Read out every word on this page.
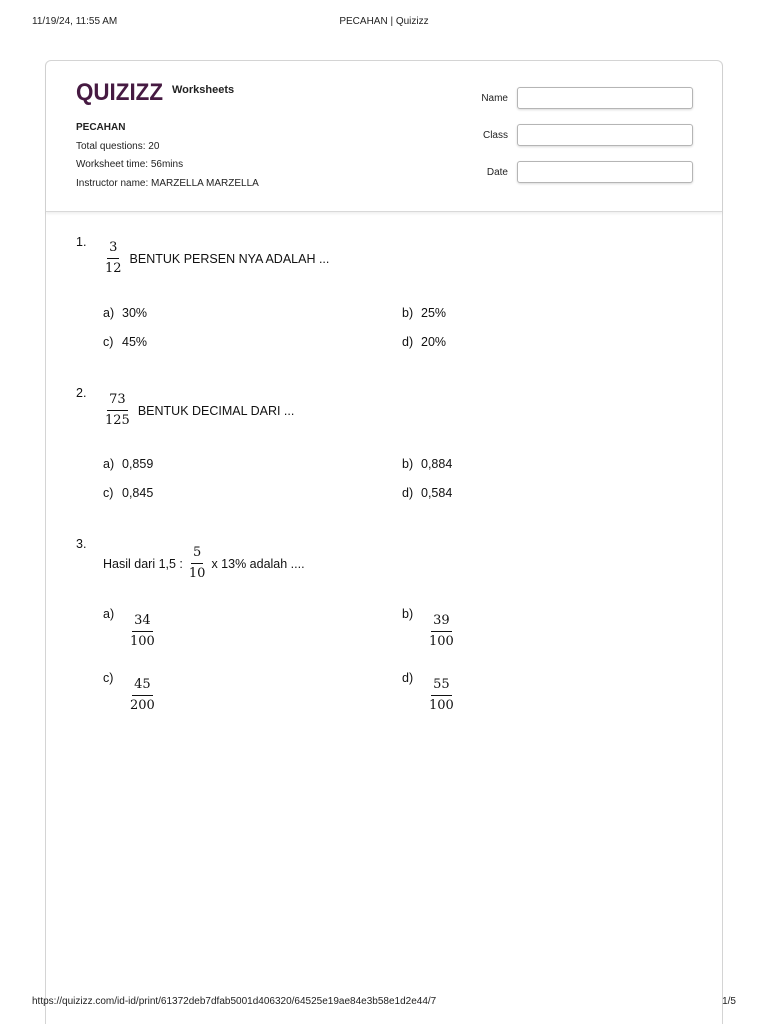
11/19/24, 11:55 AM	PECAHAN | Quizizz
QUIZIZZ Worksheets
PECAHAN
Total questions: 20
Worksheet time: 56mins
Instructor name: MARZELLA MARZELLA
Name
Class
Date
1. $\frac{3}{12}$ BENTUK PERSEN NYA ADALAH ...
a) 30%	b) 25%
c) 45%	d) 20%
2. $\frac{73}{125}$ BENTUK DECIMAL DARI ...
a) 0,859	b) 0,884
c) 0,845	d) 0,584
3.
Hasil dari 1,5 : $\frac{5}{10}$ x 13% adalah ....
a)	$\frac{34}{100}$	b)	$\frac{39}{100}$
c)	$\frac{45}{200}$	d)	$\frac{55}{100}$
https://quizizz.com/id-id/print/61372deb7dfab5001d406320/64525e19ae84e3b58e1d2e44/7	1/5
